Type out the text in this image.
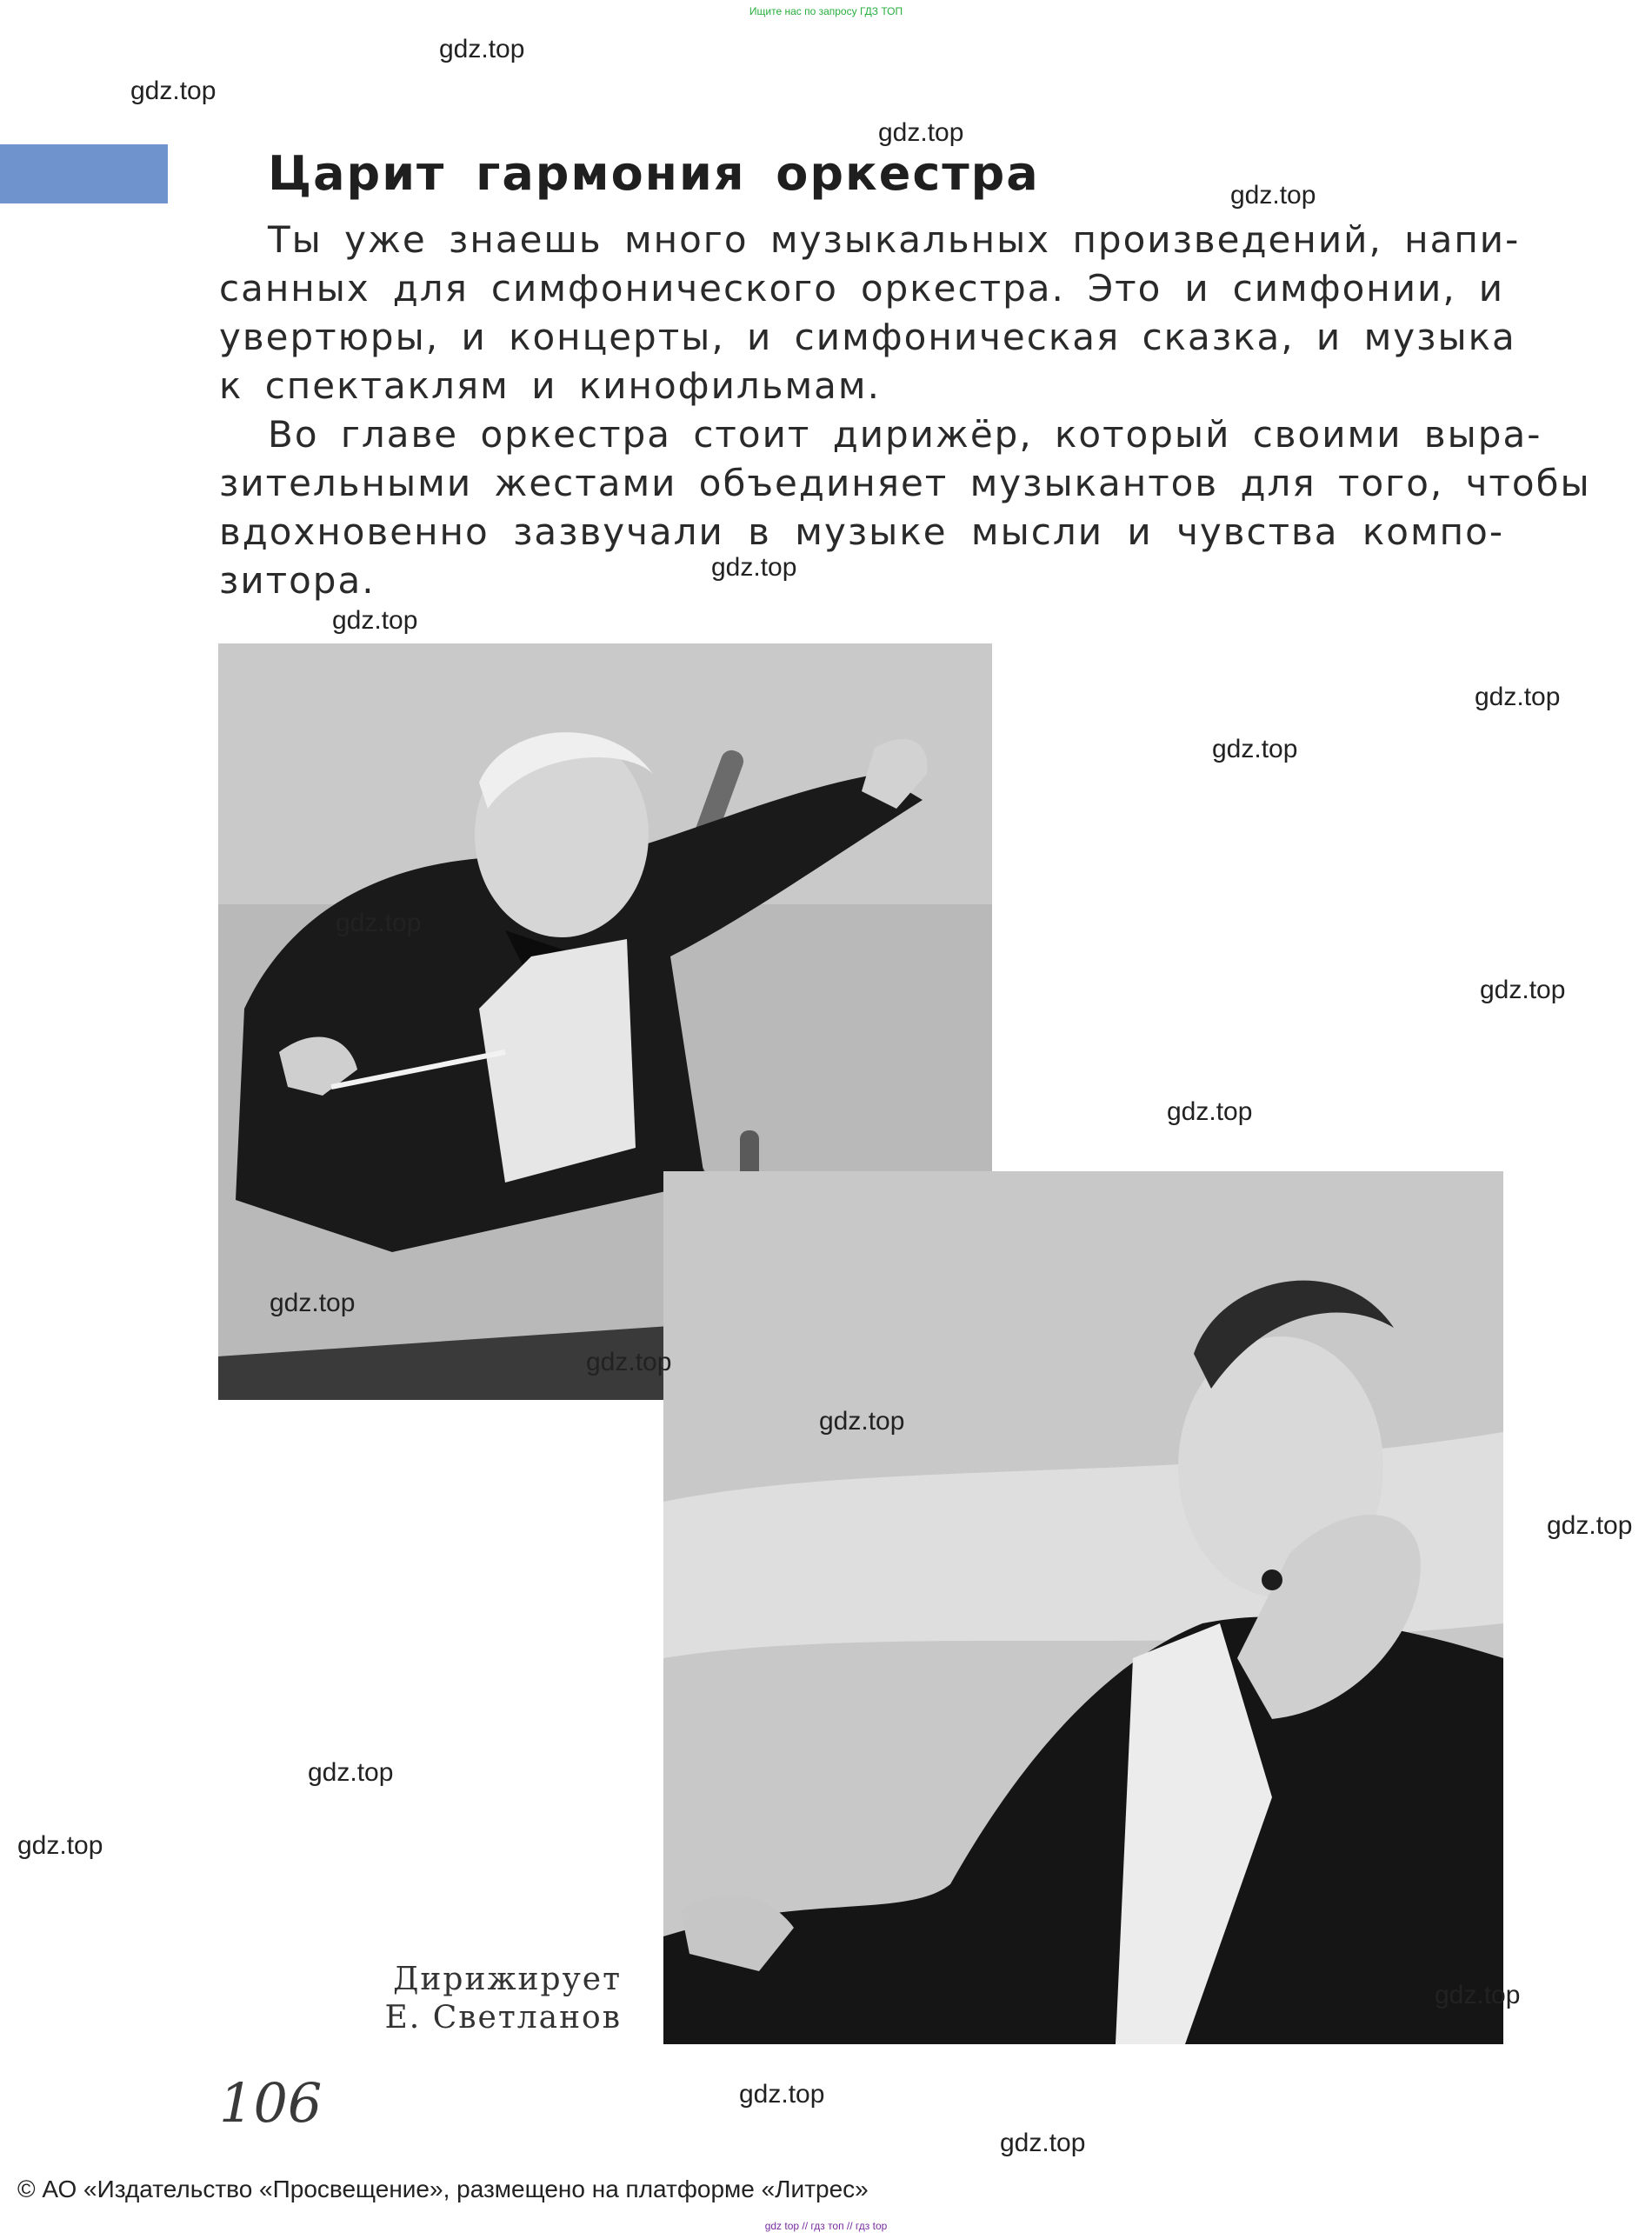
Ищите нас по запросу ГДЗ ТОП
Царит гармония оркестра
Ты уже знаешь много музыкальных произведений, напи-
санных для симфонического оркестра. Это и симфонии, и
увертюры, и концерты, и симфоническая сказка, и музыка
к спектаклям и кинофильмам.
Во главе оркестра стоит дирижёр, который своими выра-
зительными жестами объединяет музыкантов для того, чтобы
вдохновенно зазвучали в музыке мысли и чувства компо-
зитора.
Дирижирует
Е. Светланов
106
gdz.top
gdz.top
gdz.top
gdz.top
gdz.top
gdz.top
gdz.top
gdz.top
gdz.top
gdz.top
gdz.top
gdz.top
gdz.top
gdz.top
gdz.top
gdz.top
gdz.top
gdz.top
gdz.top
gdz.top
© АО «Издательство «Просвещение», размещено на платформе «Литрес»
gdz top // гдз топ // гдз top
